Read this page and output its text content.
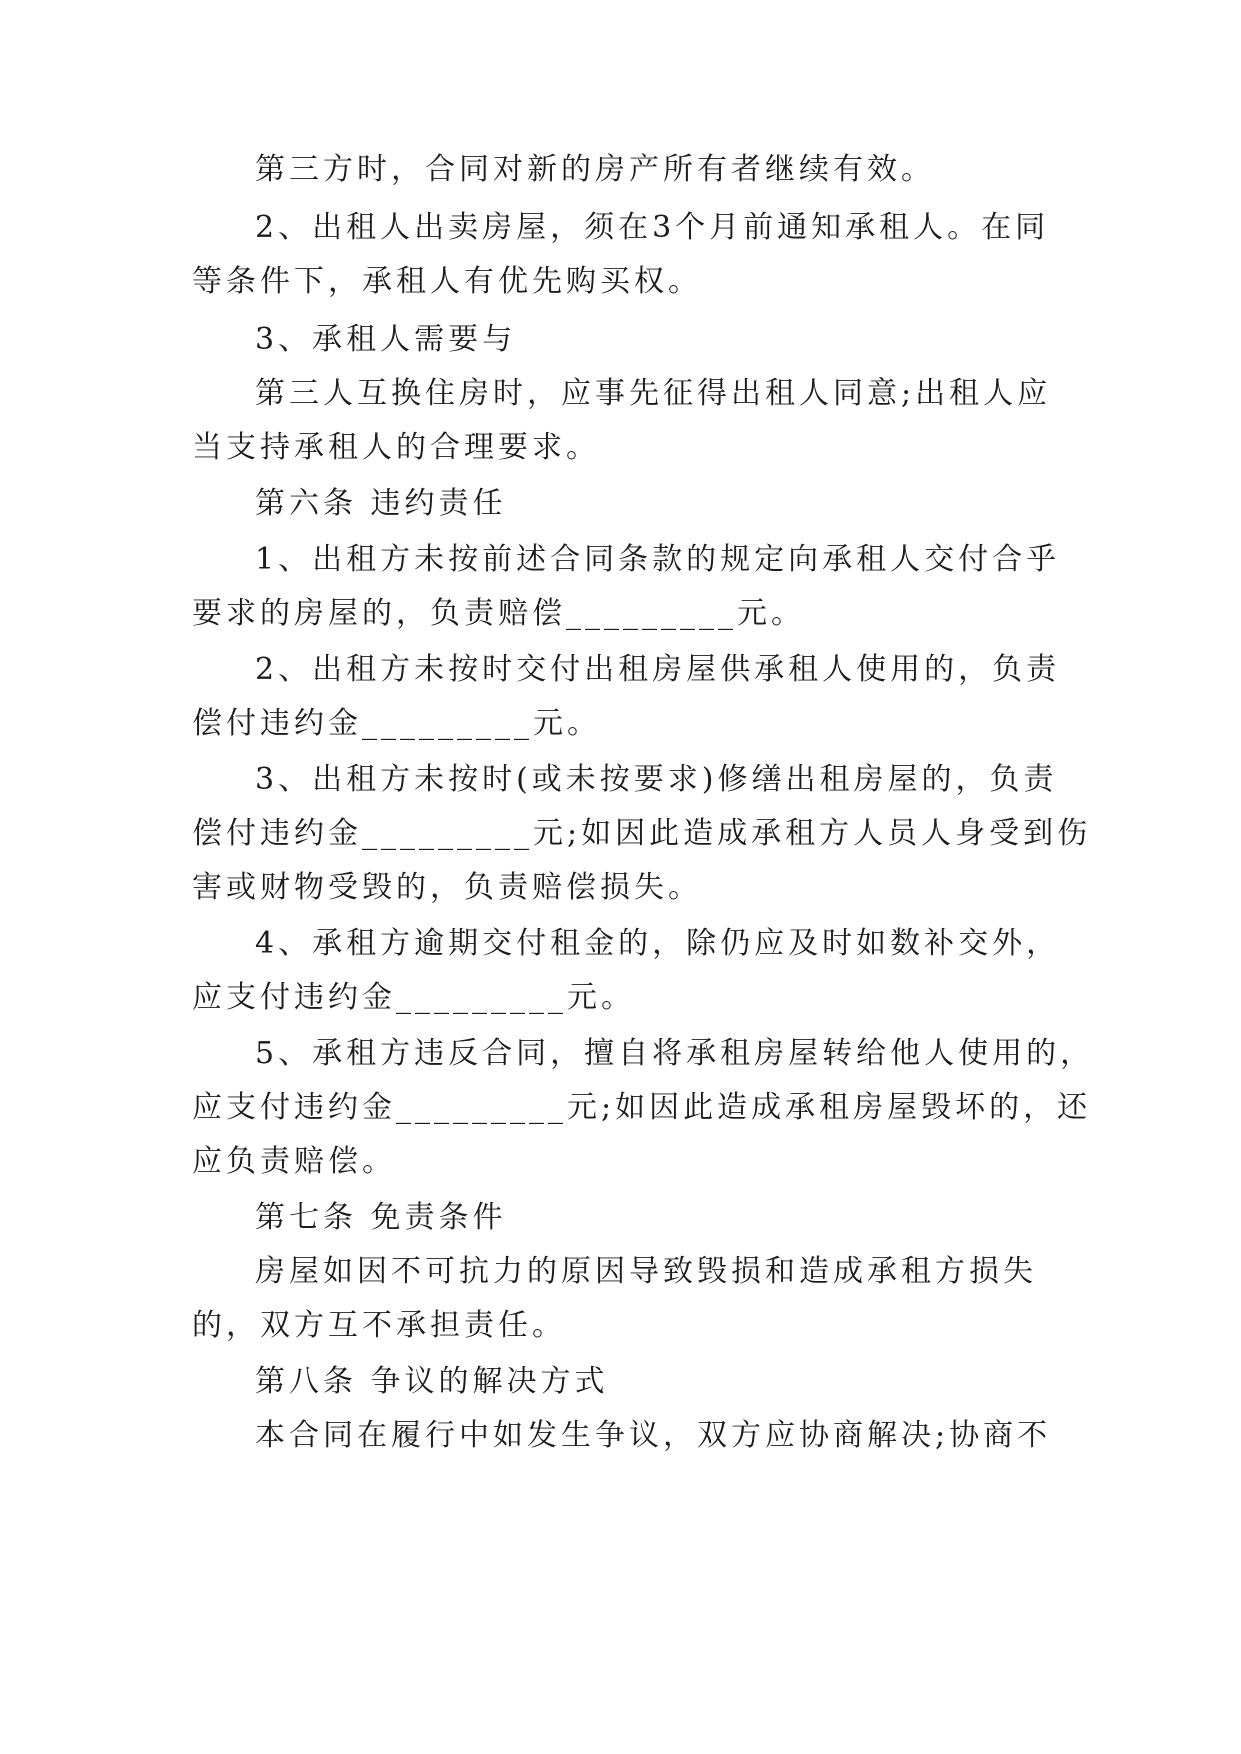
第三方时，合同对新的房产所有者继续有效。
2、出租人出卖房屋，须在3个月前通知承租人。在同
等条件下，承租人有优先购买权。
3、承租人需要与
第三人互换住房时，应事先征得出租人同意;出租人应
当支持承租人的合理要求。
第六条 违约责任
1、出租方未按前述合同条款的规定向承租人交付合乎
要求的房屋的，负责赔偿_________元。
2、出租方未按时交付出租房屋供承租人使用的，负责
偿付违约金_________元。
3、出租方未按时(或未按要求)修缮出租房屋的，负责
偿付违约金_________元;如因此造成承租方人员人身受到伤
害或财物受毁的，负责赔偿损失。
4、承租方逾期交付租金的，除仍应及时如数补交外，
应支付违约金_________元。
5、承租方违反合同，擅自将承租房屋转给他人使用的，
应支付违约金_________元;如因此造成承租房屋毁坏的，还
应负责赔偿。
第七条 免责条件
房屋如因不可抗力的原因导致毁损和造成承租方损失
的，双方互不承担责任。
第八条 争议的解决方式
本合同在履行中如发生争议，双方应协商解决;协商不
